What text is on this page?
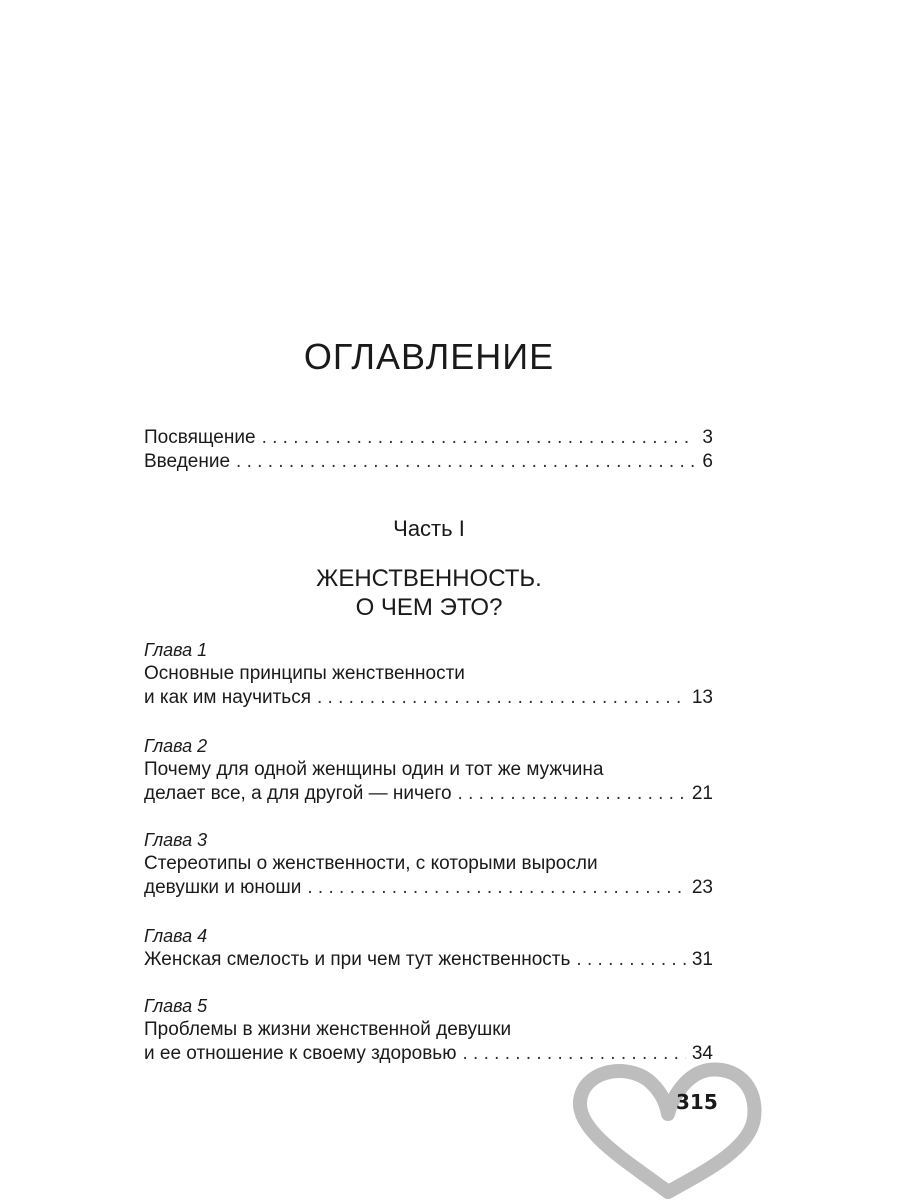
ОГЛАВЛЕНИЕ
Посвящение . . .	3
Введение . . .	6
Часть I
ЖЕНСТВЕННОСТЬ.
О ЧЕМ ЭТО?
Глава 1
Основные принципы женственности
и как им научиться . . .	13
Глава 2
Почему для одной женщины один и тот же мужчина
делает все, а для другой — ничего . . .	21
Глава 3
Стереотипы о женственности, с которыми выросли
девушки и юноши . . .	23
Глава 4
Женская смелость и при чем тут женственность . . .	31
Глава 5
Проблемы в жизни женственной девушки
и ее отношение к своему здоровью . . .	34
315
